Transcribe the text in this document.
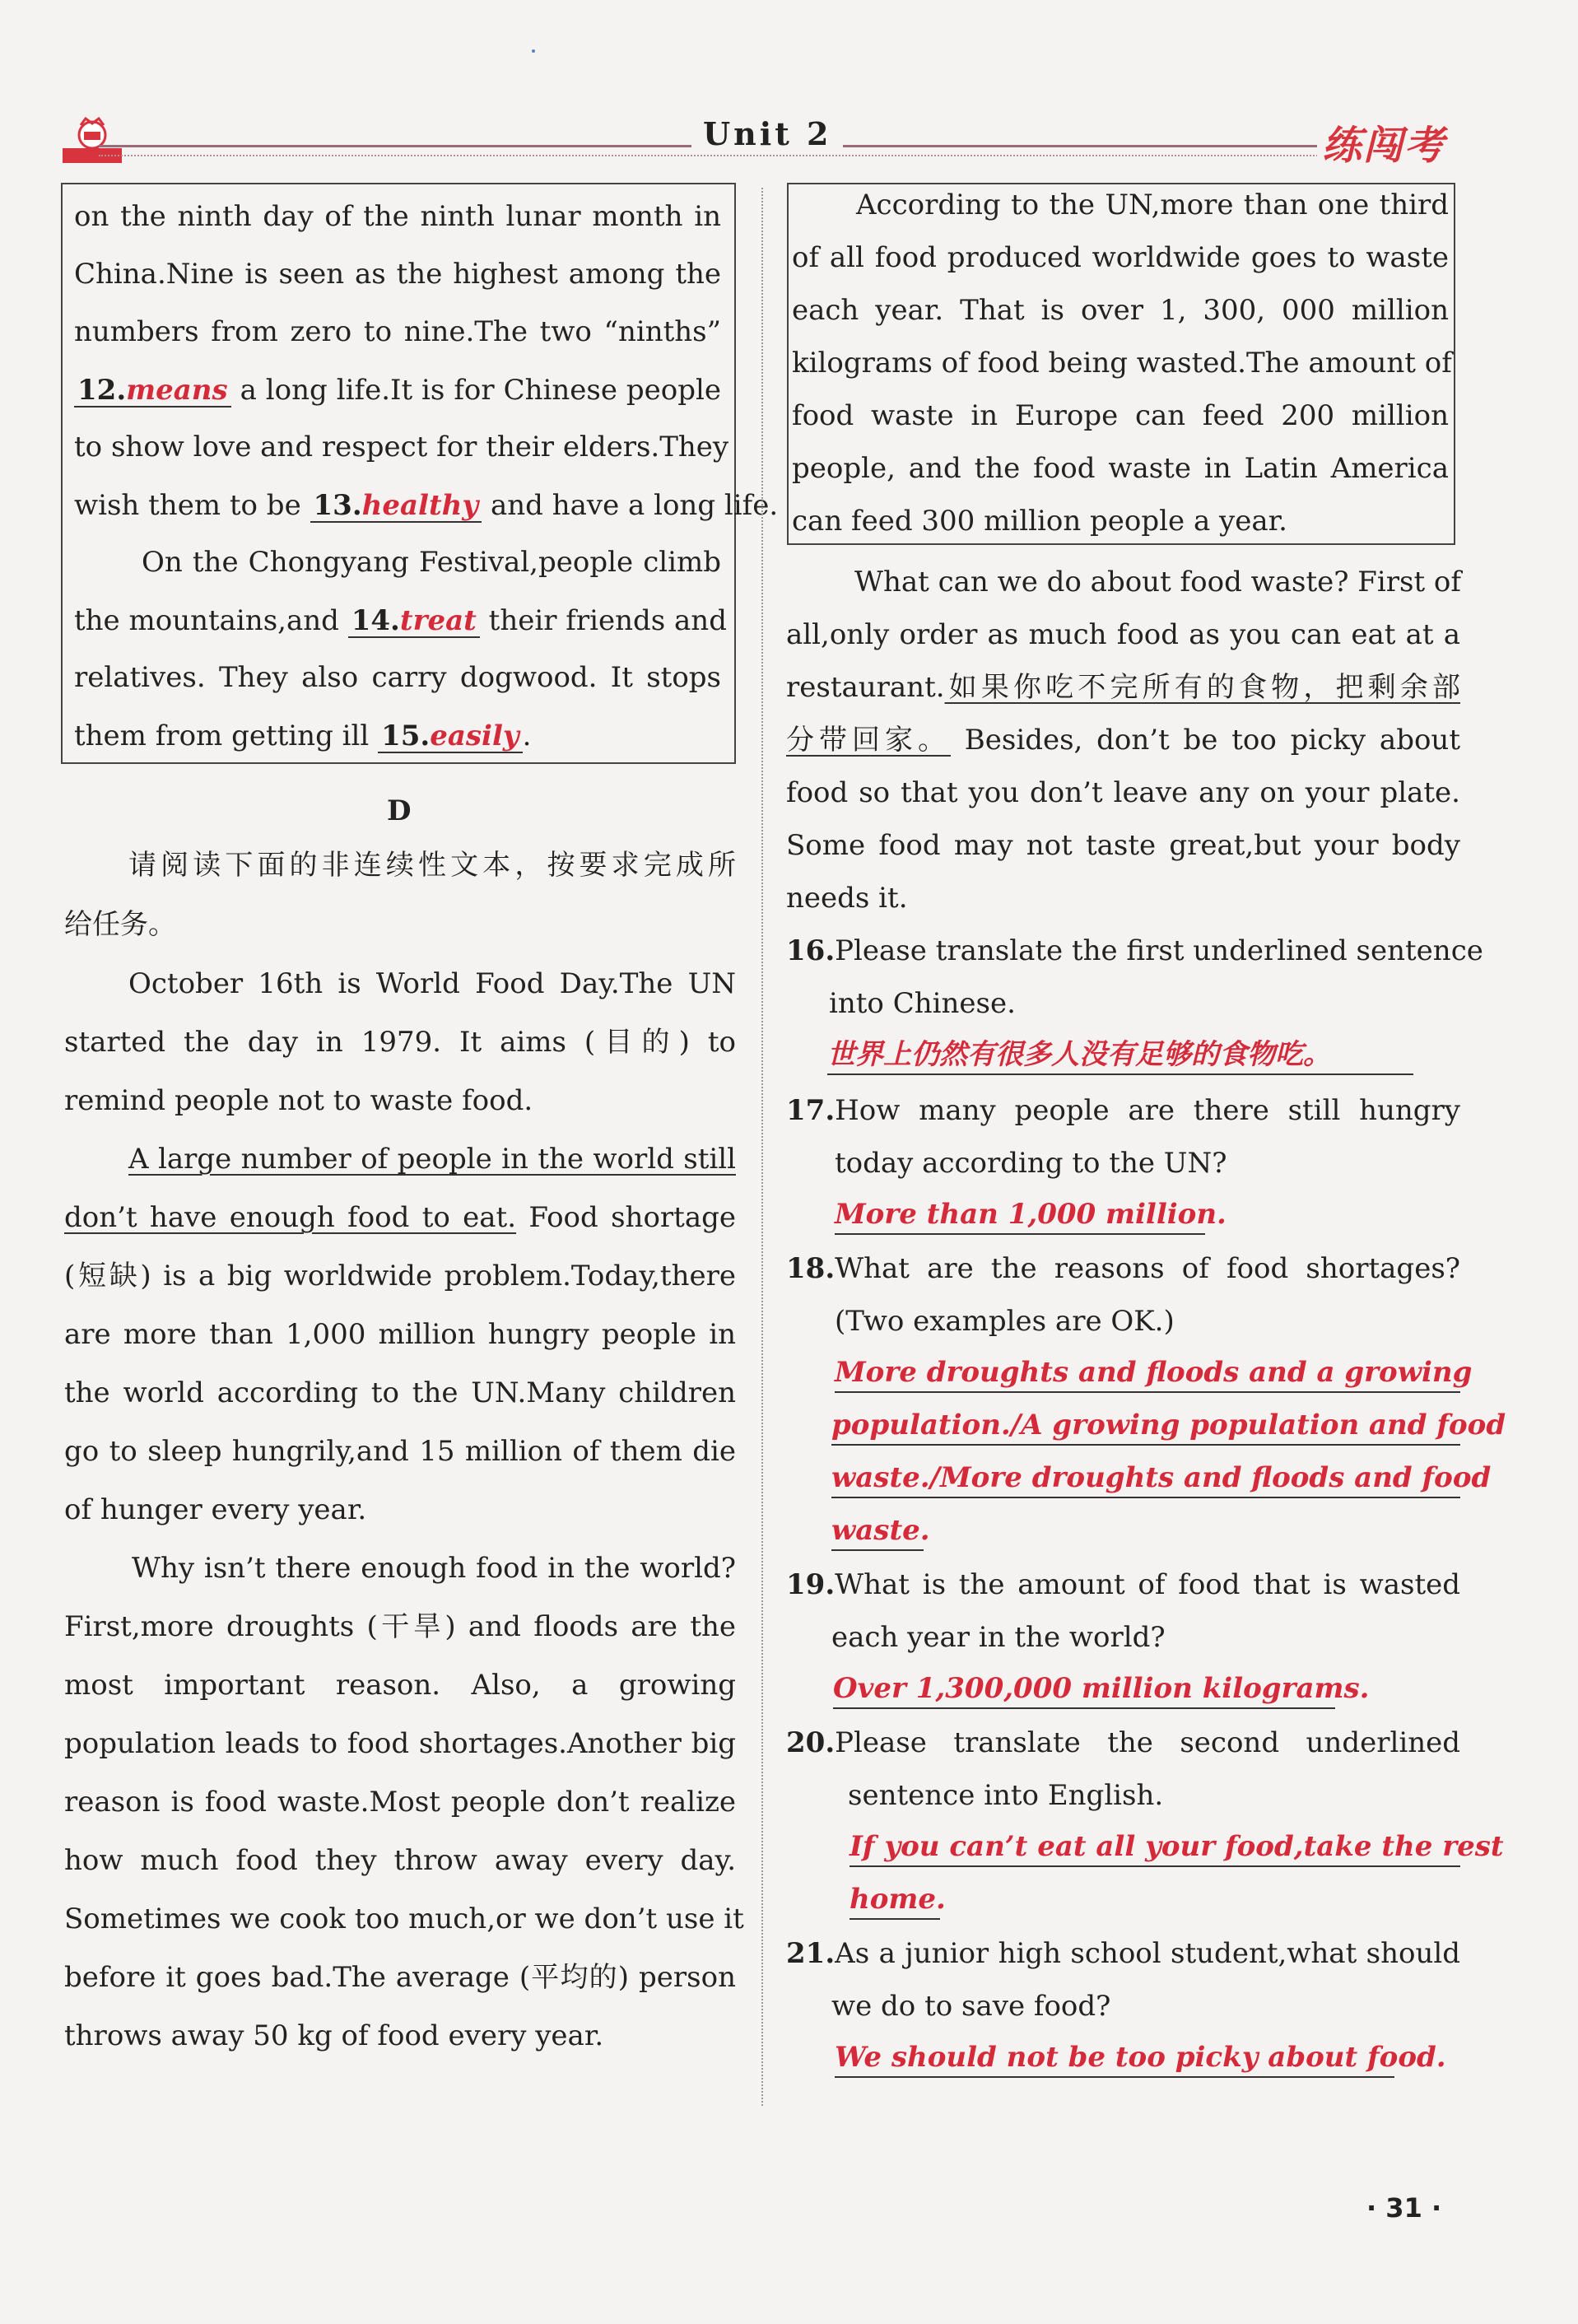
Unit 2	练闯考
on the ninth day of the ninth lunar month in
China.Nine is seen as the highest among the
numbers from zero to nine.The two “ninths”
12.means a long life.It is for Chinese people
to show love and respect for their elders.They
wish them to be 13.healthy and have a long life.
On the Chongyang Festival,people climb
the mountains,and 14.treat their friends and
relatives. They also carry dogwood. It stops
them from getting ill 15.easily .
D
请阅读下面的非连续性文本，按要求完成所
给任务。
October 16th is World Food Day.The UN
started the day in 1979. It aims (目的) to
remind people not to waste food.
A large number of people in the world still
don’t have enough food to eat. Food shortage
(短缺) is a big worldwide problem.Today,there
are more than 1,000 million hungry people in
the world according to the UN.Many children
go to sleep hungrily,and 15 million of them die
of hunger every year.
Why isn’t there enough food in the world?
First,more droughts (干旱) and floods are the
most important reason. Also, a growing
population leads to food shortages.Another big
reason is food waste.Most people don’t realize
how much food they throw away every day.
Sometimes we cook too much,or we don’t use it
before it goes bad.The average (平均的) person
throws away 50 kg of food every year.
According to the UN,more than one third
of all food produced worldwide goes to waste
each year. That is over 1, 300, 000 million
kilograms of food being wasted.The amount of
food waste in Europe can feed 200 million
people, and the food waste in Latin America
can feed 300 million people a year.
What can we do about food waste? First of
all,only order as much food as you can eat at a
restaurant.如果你吃不完所有的食物，把剩余部
分带回家。 Besides, don’t be too picky about
food so that you don’t leave any on your plate.
Some food may not taste great,but your body
needs it.
16.Please translate the first underlined sentence
into Chinese.
世界上仍然有很多人没有足够的食物吃。
17.How many people are there still hungry
today according to the UN?
More than 1,000 million.
18.What are the reasons of food shortages?
(Two examples are OK.)
More droughts and floods and a growing
population./A growing population and food
waste./More droughts and floods and food
waste.
19.What is the amount of food that is wasted
each year in the world?
Over 1,300,000 million kilograms.
20.Please translate the second underlined
sentence into English.
If you can’t eat all your food,take the rest
home.
21.As a junior high school student,what should
we do to save food?
We should not be too picky about food.
· 31 ·
